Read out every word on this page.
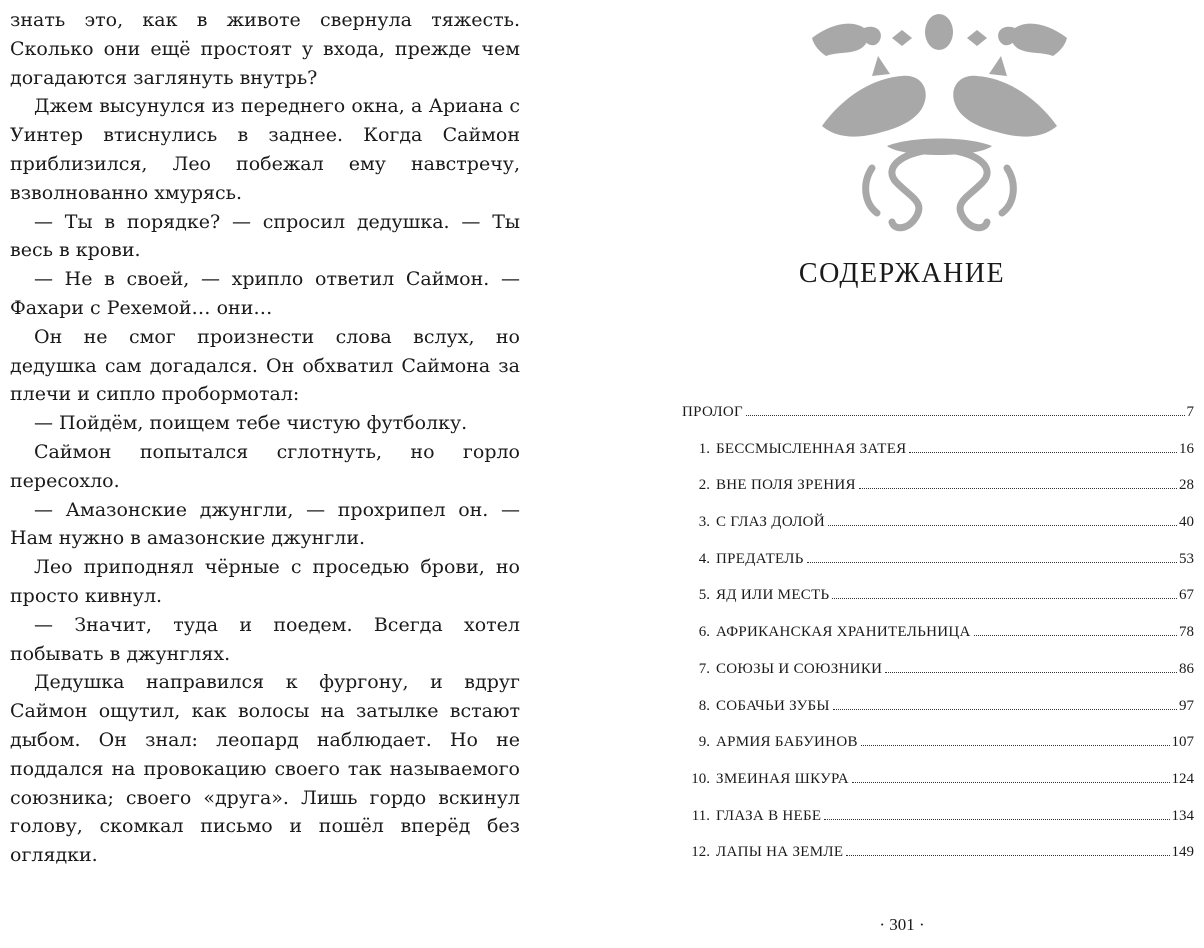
знать это, как в животе свернула тяжесть. Сколько они ещё простоят у входа, прежде чем догадаются заглянуть внутрь?

Джем высунулся из переднего окна, а Ариана с Уинтер втиснулись в заднее. Когда Саймон приблизился, Лео побежал ему навстречу, взволнованно хмурясь.

— Ты в порядке? — спросил дедушка. — Ты весь в крови.

— Не в своей, — хрипло ответил Саймон. — Фахари с Рехемой… они…

Он не смог произнести слова вслух, но дедушка сам догадался. Он обхватил Саймона за плечи и сипло пробормотал:

— Пойдём, поищем тебе чистую футболку.

Саймон попытался сглотнуть, но горло пересохло.

— Амазонские джунгли, — прохрипел он. — Нам нужно в амазонские джунгли.

Лео приподнял чёрные с проседью брови, но просто кивнул.

— Значит, туда и поедем. Всегда хотел побывать в джунглях.

Дедушка направился к фургону, и вдруг Саймон ощутил, как волосы на затылке встают дыбом. Он знал: леопард наблюдает. Но не поддался на провокацию своего так называемого союзника; своего «друга». Лишь гордо вскинул голову, скомкал письмо и пошёл вперёд без оглядки.

СОДЕРЖАНИЕ
ПРОЛОГ	7
1. БЕССМЫСЛЕННАЯ ЗАТЕЯ	16
2. ВНЕ ПОЛЯ ЗРЕНИЯ	28
3. С ГЛАЗ ДОЛОЙ	40
4. ПРЕДАТЕЛЬ	53
5. ЯД ИЛИ МЕСТЬ	67
6. АФРИКАНСКАЯ ХРАНИТЕЛЬНИЦА	78
7. СОЮЗЫ И СОЮЗНИКИ	86
8. СОБАЧЬИ ЗУБЫ	97
9. АРМИЯ БАБУИНОВ	107
10. ЗМЕИНАЯ ШКУРА	124
11. ГЛАЗА В НЕБЕ	134
12. ЛАПЫ НА ЗЕМЛЕ	149
· 301 ·
